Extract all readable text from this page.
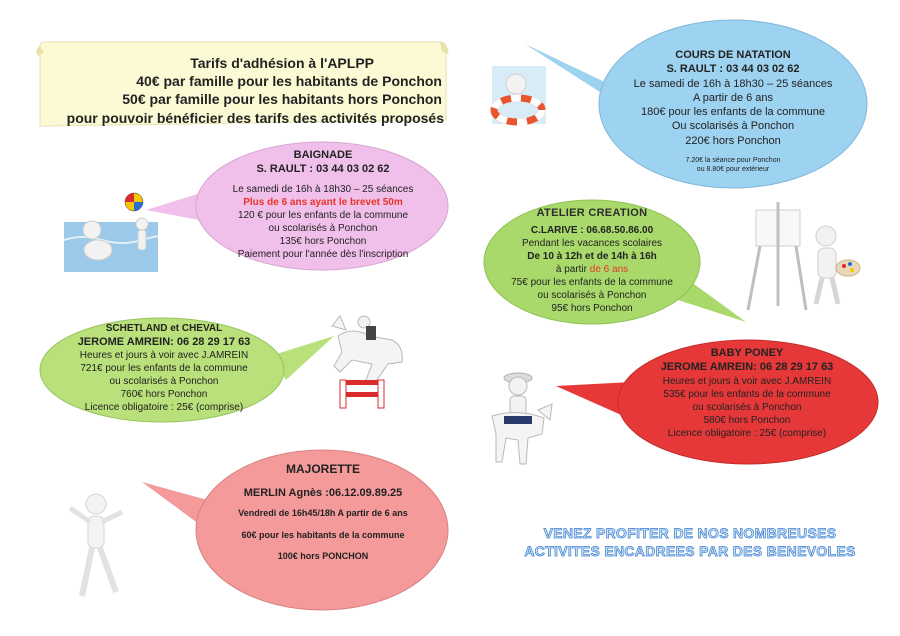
Tarifs d'adhésion à l'APLPP
40€ par famille pour les habitants de Ponchon
50€ par famille pour les habitants hors Ponchon
pour pouvoir bénéficier des tarifs des activités proposés
COURS DE NATATION
S. RAULT : 03 44 03 02 62
Le samedi de 16h à 18h30 – 25 séances
A partir de 6 ans
180€ pour les enfants de la commune
Ou scolarisés à Ponchon
220€ hors Ponchon
7.20€ la séance pour Ponchon
ou 8.80€ pour extérieur
BAIGNADE
S. RAULT : 03 44 03 02 62
Le samedi de 16h à 18h30 – 25 séances
Plus de 6 ans ayant le brevet 50m
120 € pour les enfants de la commune
ou scolarisés à Ponchon
135€ hors Ponchon
Paiement pour l'année dès l'inscription
ATELIER CREATION
C.LARIVE : 06.68.50.86.00
Pendant les vacances scolaires
De 10 à 12h et de 14h à 16h
à partir de 6 ans
75€ pour les enfants de la commune
ou scolarisés à Ponchon
95€ hors Ponchon
SCHETLAND et CHEVAL
JEROME AMREIN: 06 28 29 17 63
Heures et jours à voir avec J.AMREIN
721€ pour les enfants de la commune
ou scolarisés à Ponchon
760€ hors Ponchon
Licence obligatoire : 25€ (comprise)
BABY PONEY
JEROME AMREIN: 06 28 29 17 63
Heures et jours à voir avec J.AMREIN
535€ pour les enfants de la commune
ou scolarisés à Ponchon
580€ hors Ponchon
Licence obligatoire : 25€ (comprise)
MAJORETTE
MERLIN Agnès :06.12.09.89.25
Vendredi de 16h45/18h A partir de 6 ans
60€ pour les habitants de la commune
100€ hors PONCHON
VENEZ PROFITER DE NOS NOMBREUSES
ACTIVITES ENCADREES PAR DES BENEVOLES
